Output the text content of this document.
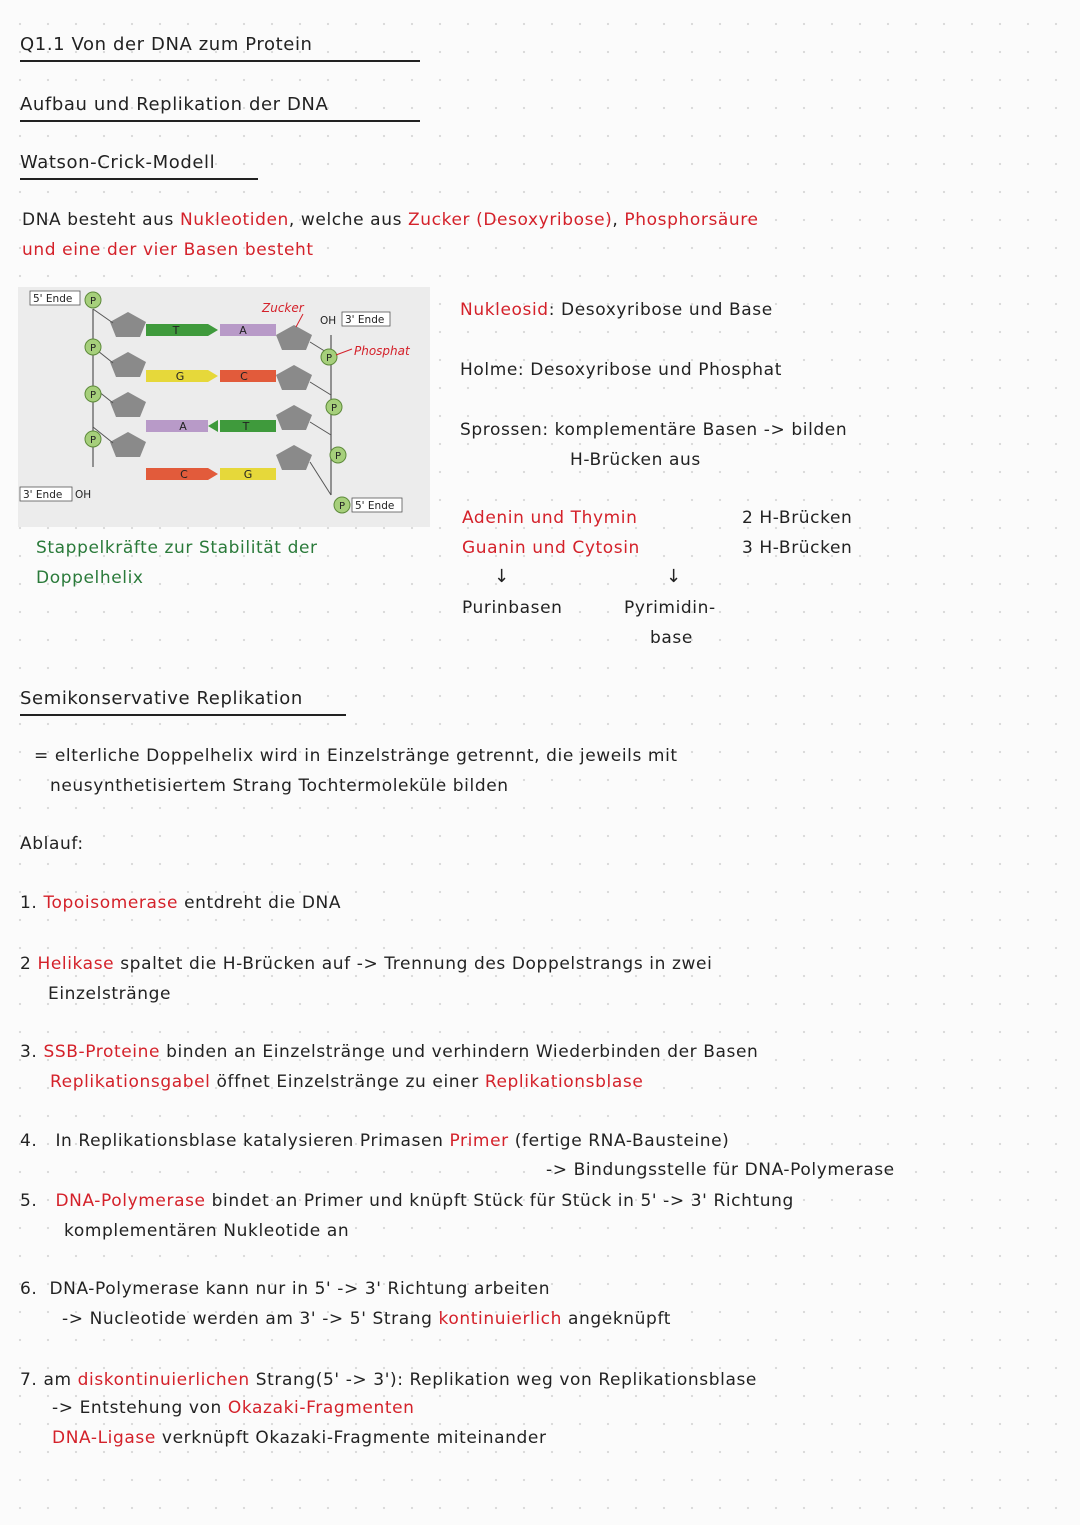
Q1.1 Von der DNA zum Protein
Aufbau und Replikation der DNA
Watson-Crick-Modell
DNA besteht aus Nukleotiden, welche aus Zucker (Desoxyribose), Phosphorsäure
und eine der vier Basen besteht
T	A
G	C
A	T
C	G
P
P
P
P
P
P
P
P
5' Ende
OH 3' Ende
Zucker
Phosphat
3' Ende OH
5' Ende
Stappelkräfte zur Stabilität der
Doppelhelix
Nukleosid: Desoxyribose und Base
Holme: Desoxyribose und Phosphat
Sprossen: komplementäre Basen -> bilden
H-Brücken aus
Adenin und Thymin	2 H-Brücken
Guanin und Cytosin	3 H-Brücken
↓	↓
Purinbasen	Pyrimidin-
base
Semikonservative Replikation
= elterliche Doppelhelix wird in Einzelstränge getrennt, die jeweils mit
neusynthetisiertem Strang Tochtermoleküle bilden
Ablauf:
1. Topoisomerase entdreht die DNA
2 Helikase spaltet die H-Brücken auf -> Trennung des Doppelstrangs in zwei
Einzelstränge
3. SSB-Proteine binden an Einzelstränge und verhindern Wiederbinden der Basen
Replikationsgabel öffnet Einzelstränge zu einer Replikationsblase
4. In Replikationsblase katalysieren Primasen Primer (fertige RNA-Bausteine)
-> Bindungsstelle für DNA-Polymerase
5. DNA-Polymerase bindet an Primer und knüpft Stück für Stück in 5' -> 3' Richtung
komplementären Nukleotide an
6. DNA-Polymerase kann nur in 5' -> 3' Richtung arbeiten
-> Nucleotide werden am 3' -> 5' Strang kontinuierlich angeknüpft
7. am diskontinuierlichen Strang(5' -> 3'): Replikation weg von Replikationsblase
-> Entstehung von Okazaki-Fragmenten
DNA-Ligase verknüpft Okazaki-Fragmente miteinander
